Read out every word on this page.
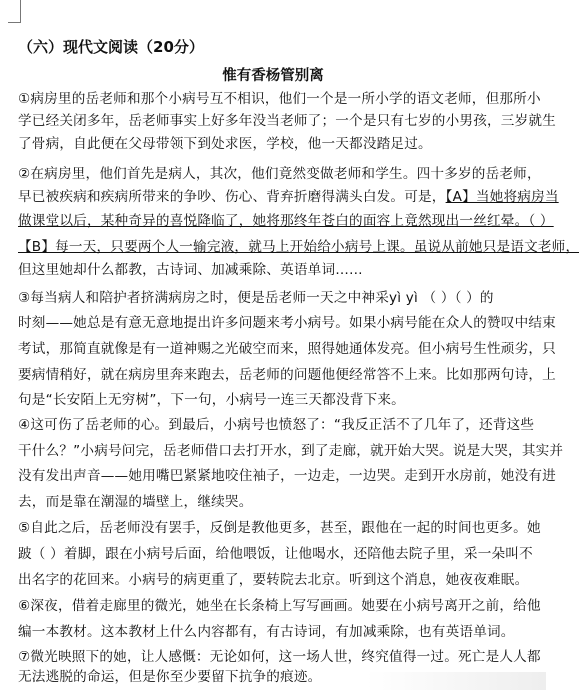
（六）现代文阅读（20分）
惟有香杨管别离
①病房里的岳老师和那个小病号互不相识，他们一个是一所小学的语文老师，但那所小
学已经关闭多年，岳老师事实上好多年没当老师了；一个是只有七岁的小男孩，三岁就生
了骨病，自此便在父母带领下到处求医，学校，他一天都没踏足过。
②在病房里，他们首先是病人，其次，他们竟然变做老师和学生。四十多岁的岳老师，
早已被疾病和疾病所带来的争吵、伤心、背弃折磨得满头白发。可是，【A】当她将病房当
做课堂以后，某种奇异的喜悦降临了，她将那终年苍白的面容上竟然现出一丝红晕。（ ）
【B】每一天，只要两个人一输完液，就马上开始给小病号上课。虽说从前她只是语文老师，
但这里她却什么都教，古诗词、加减乘除、英语单词……
③每当病人和陪护者挤满病房之时，便是岳老师一天之中神采yì yì （ ）（ ）的
时刻——她总是有意无意地提出许多问题来考小病号。如果小病号能在众人的赞叹中结束
考试，那简直就像是有一道神赐之光破空而来，照得她通体发亮。但小病号生性顽劣，只
要病情稍好，就在病房里奔来跑去，岳老师的问题他便经常答不上来。比如那两句诗，上
句是“长安陌上无穷树”，下一句，小病号一连三天都没背下来。
④这可伤了岳老师的心。到最后，小病号也愤怒了：“我反正活不了几年了，还背这些
干什么？”小病号问完，岳老师借口去打开水，到了走廊，就开始大哭。说是大哭，其实并
没有发出声音——她用嘴巴紧紧地咬住袖子，一边走，一边哭。走到开水房前，她没有进
去，而是靠在潮湿的墙壁上，继续哭。
⑤自此之后，岳老师没有罢手，反倒是教他更多，甚至，跟他在一起的时间也更多。她
跛（ ）着脚，跟在小病号后面，给他喂饭，让他喝水，还陪他去院子里，采一朵叫不
出名字的花回来。小病号的病更重了，要转院去北京。听到这个消息，她夜夜难眠。
⑥深夜，借着走廊里的微光，她坐在长条椅上写写画画。她要在小病号离开之前，给他
编一本教材。这本教材上什么内容都有，有古诗词，有加减乘除，也有英语单词。
⑦微光映照下的她，让人感慨：无论如何，这一场人世，终究值得一过。死亡是人人都
无法逃脱的命运，但是你至少要留下抗争的痕迹。
